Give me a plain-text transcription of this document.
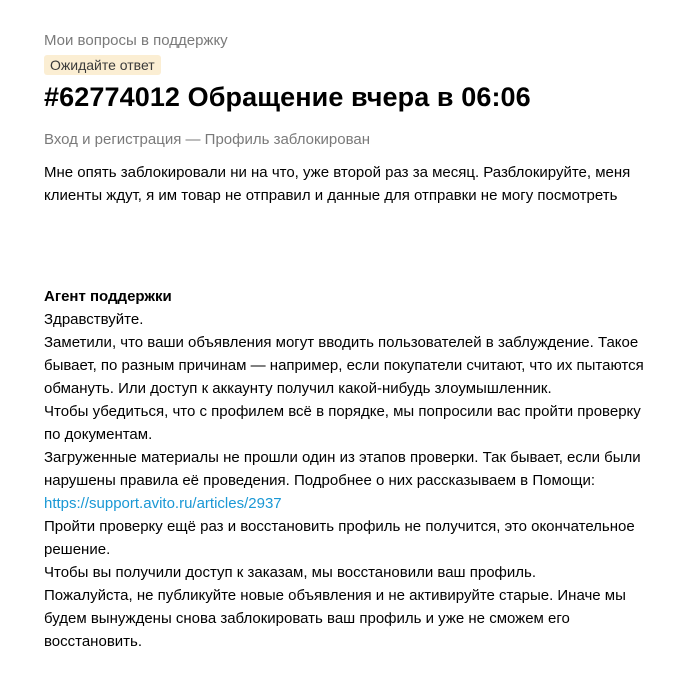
Мои вопросы в поддержку
Ожидайте ответ
#62774012 Обращение вчера в 06:06
Вход и регистрация — Профиль заблокирован
Мне опять заблокировали ни на что, уже второй раз за месяц. Разблокируйте, меня клиенты ждут, я им товар не отправил и данные для отправки не могу посмотреть
Агент поддержки

Здравствуйте.

Заметили, что ваши объявления могут вводить пользователей в заблуждение. Такое бывает, по разным причинам — например, если покупатели считают, что их пытаются обмануть. Или доступ к аккаунту получил какой-нибудь злоумышленник.

Чтобы убедиться, что с профилем всё в порядке, мы попросили вас пройти проверку по документам.

Загруженные материалы не прошли один из этапов проверки. Так бывает, если были нарушены правила её проведения. Подробнее о них рассказываем в Помощи: https://support.avito.ru/articles/2937

Пройти проверку ещё раз и восстановить профиль не получится, это окончательное решение.

Чтобы вы получили доступ к заказам, мы восстановили ваш профиль.

Пожалуйста, не публикуйте новые объявления и не активируйте старые. Иначе мы будем вынуждены снова заблокировать ваш профиль и уже не сможем его восстановить.
